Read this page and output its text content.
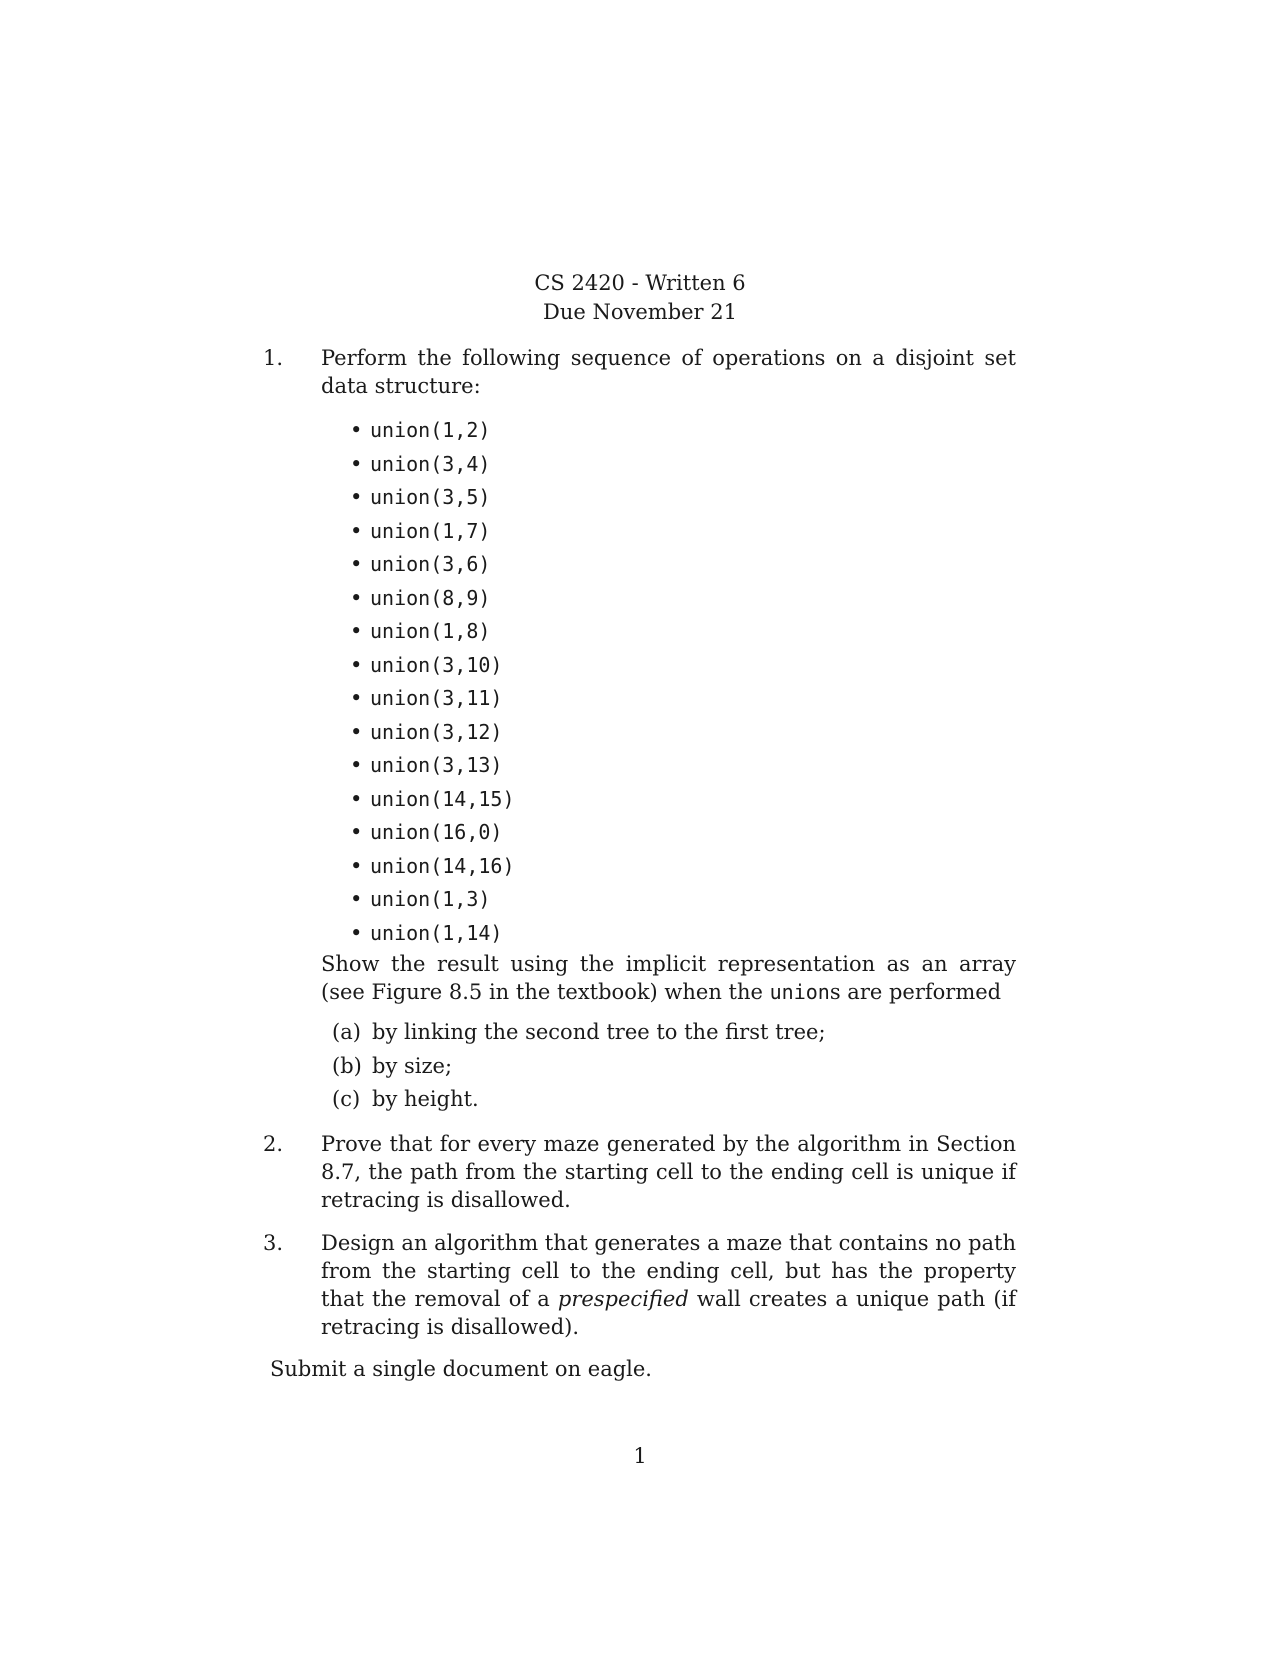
CS 2420 - Written 6
Due November 21
1. Perform the following sequence of operations on a disjoint set data structure:

• union(1,2)
• union(3,4)
• union(3,5)
• union(1,7)
• union(3,6)
• union(8,9)
• union(1,8)
• union(3,10)
• union(3,11)
• union(3,12)
• union(3,13)
• union(14,15)
• union(16,0)
• union(14,16)
• union(1,3)
• union(1,14)

Show the result using the implicit representation as an array (see Figure 8.5 in the textbook) when the unions are performed

(a) by linking the second tree to the first tree;
(b) by size;
(c) by height.
2. Prove that for every maze generated by the algorithm in Section 8.7, the path from the starting cell to the ending cell is unique if retracing is disallowed.

3. Design an algorithm that generates a maze that contains no path from the starting cell to the ending cell, but has the property that the removal of a prespecified wall creates a unique path (if retracing is disallowed).

Submit a single document on eagle.

1
